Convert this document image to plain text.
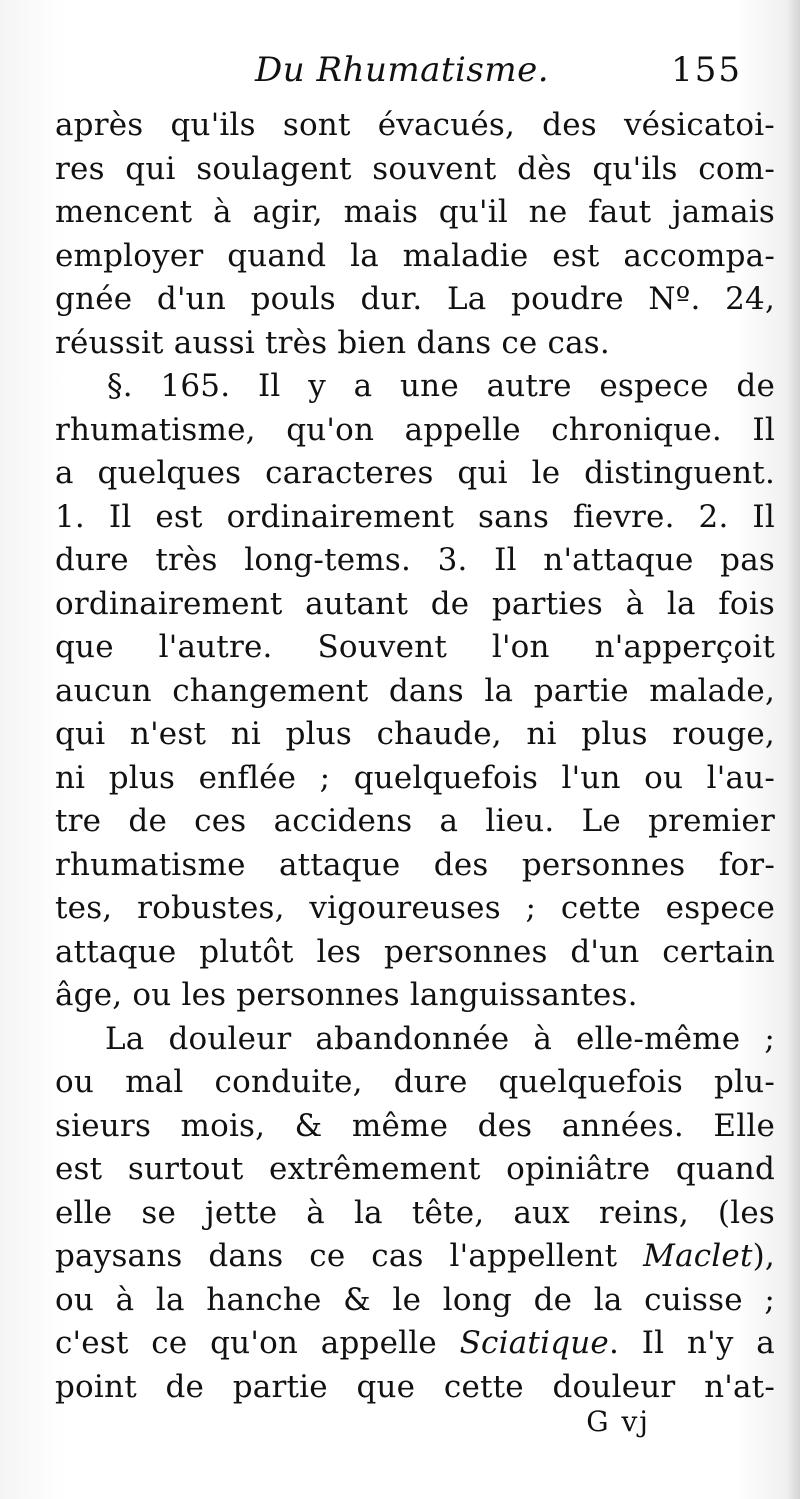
Du Rhumatisme.	155
après qu'ils sont évacués, des vésicatoi-
res qui soulagent souvent dès qu'ils com-
mencent à agir, mais qu'il ne faut jamais
employer quand la maladie est accompa-
gnée d'un pouls dur. La poudre Nº. 24,
réussit aussi très bien dans ce cas.
§. 165. Il y a une autre espece de
rhumatisme, qu'on appelle chronique. Il
a quelques caracteres qui le distinguent.
1. Il est ordinairement sans fievre. 2. Il
dure très long-tems. 3. Il n'attaque pas
ordinairement autant de parties à la fois
que l'autre. Souvent l'on n'apperçoit
aucun changement dans la partie malade,
qui n'est ni plus chaude, ni plus rouge,
ni plus enflée ; quelquefois l'un ou l'au-
tre de ces accidens a lieu. Le premier
rhumatisme attaque des personnes for-
tes, robustes, vigoureuses ; cette espece
attaque plutôt les personnes d'un certain
âge, ou les personnes languissantes.
La douleur abandonnée à elle-même ;
ou mal conduite, dure quelquefois plu-
sieurs mois, & même des années. Elle
est surtout extrêmement opiniâtre quand
elle se jette à la tête, aux reins, (les
paysans dans ce cas l'appellent Maclet),
ou à la hanche & le long de la cuisse ;
c'est ce qu'on appelle Sciatique. Il n'y a
point de partie que cette douleur n'at-
G vj
